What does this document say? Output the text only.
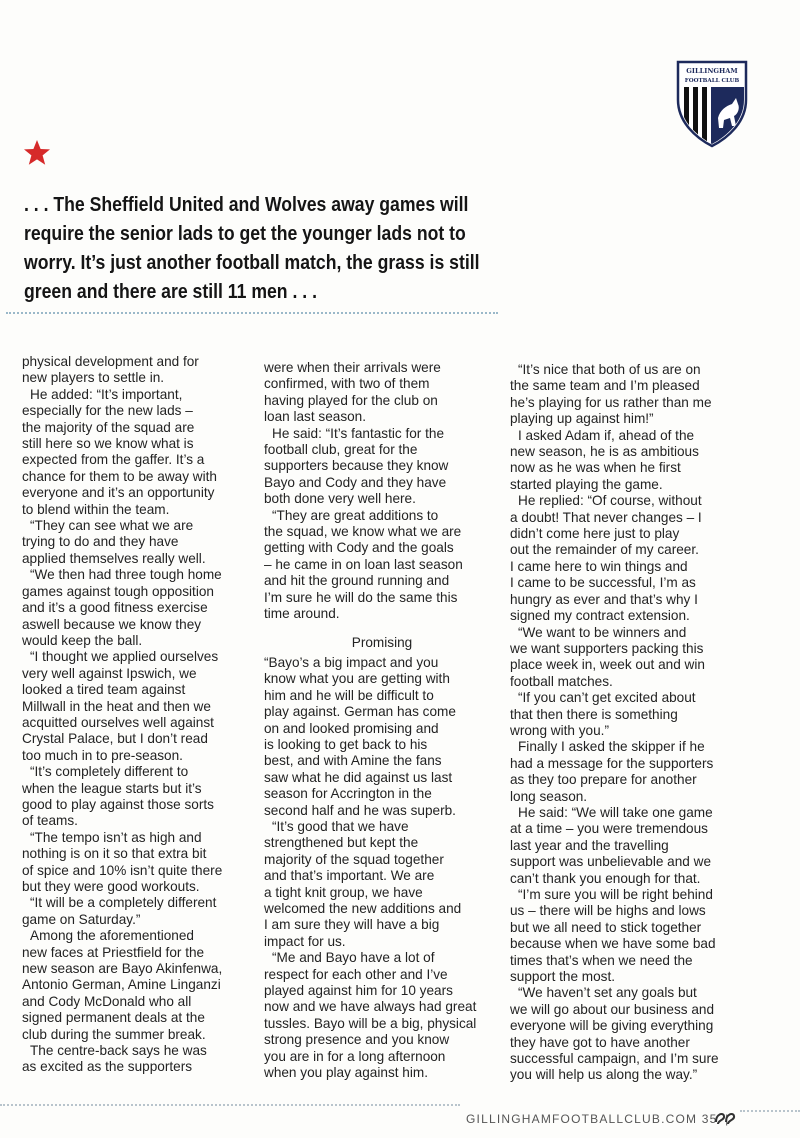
GILLINGHAM
FOOTBALL CLUB
. . . The Sheffield United and Wolves away games will
require the senior lads to get the younger lads not to
worry. It’s just another football match, the grass is still
green and there are still 11 men . . .

physical development and for
new players to settle in.

He added: “It’s important,
especially for the new lads –
the majority of the squad are
still here so we know what is
expected from the gaffer. It’s a
chance for them to be away with
everyone and it’s an opportunity
to blend within the team.

“They can see what we are
trying to do and they have
applied themselves really well.

“We then had three tough home
games against tough opposition
and it’s a good fitness exercise
aswell because we know they
would keep the ball.

“I thought we applied ourselves
very well against Ipswich, we
looked a tired team against
Millwall in the heat and then we
acquitted ourselves well against
Crystal Palace, but I don’t read
too much in to pre-season.

“It’s completely different to
when the league starts but it’s
good to play against those sorts
of teams.

“The tempo isn’t as high and
nothing is on it so that extra bit
of spice and 10% isn’t quite there
but they were good workouts.

“It will be a completely different
game on Saturday.”

Among the aforementioned
new faces at Priestfield for the
new season are Bayo Akinfenwa,
Antonio German, Amine Linganzi
and Cody McDonald who all
signed permanent deals at the
club during the summer break.

The centre-back says he was
as excited as the supporters

were when their arrivals were
confirmed, with two of them
having played for the club on
loan last season.

He said: “It’s fantastic for the
football club, great for the
supporters because they know
Bayo and Cody and they have
both done very well here.

“They are great additions to
the squad, we know what we are
getting with Cody and the goals
– he came in on loan last season
and hit the ground running and
I’m sure he will do the same this
time around.

Promising

“Bayo’s a big impact and you
know what you are getting with
him and he will be difficult to
play against. German has come
on and looked promising and
is looking to get back to his
best, and with Amine the fans
saw what he did against us last
season for Accrington in the
second half and he was superb.

“It’s good that we have
strengthened but kept the
majority of the squad together
and that’s important. We are
a tight knit group, we have
welcomed the new additions and
I am sure they will have a big
impact for us.

“Me and Bayo have a lot of
respect for each other and I’ve
played against him for 10 years
now and we have always had great
tussles. Bayo will be a big, physical
strong presence and you know
you are in for a long afternoon
when you play against him.

“It’s nice that both of us are on
the same team and I’m pleased
he’s playing for us rather than me
playing up against him!”

I asked Adam if, ahead of the
new season, he is as ambitious
now as he was when he first
started playing the game.

He replied: “Of course, without
a doubt! That never changes – I
didn’t come here just to play
out the remainder of my career.
I came here to win things and
I came to be successful, I’m as
hungry as ever and that’s why I
signed my contract extension.

“We want to be winners and
we want supporters packing this
place week in, week out and win
football matches.

“If you can’t get excited about
that then there is something
wrong with you.”

Finally I asked the skipper if he
had a message for the supporters
as they too prepare for another
long season.

He said: “We will take one game
at a time – you were tremendous
last year and the travelling
support was unbelievable and we
can’t thank you enough for that.

“I’m sure you will be right behind
us – there will be highs and lows
but we all need to stick together
because when we have some bad
times that’s when we need the
support the most.

“We haven’t set any goals but
we will go about our business and
everyone will be giving everything
they have got to have another
successful campaign, and I’m sure
you will help us along the way.”

GILLINGHAMFOOTBALLCLUB.COM 35 |
